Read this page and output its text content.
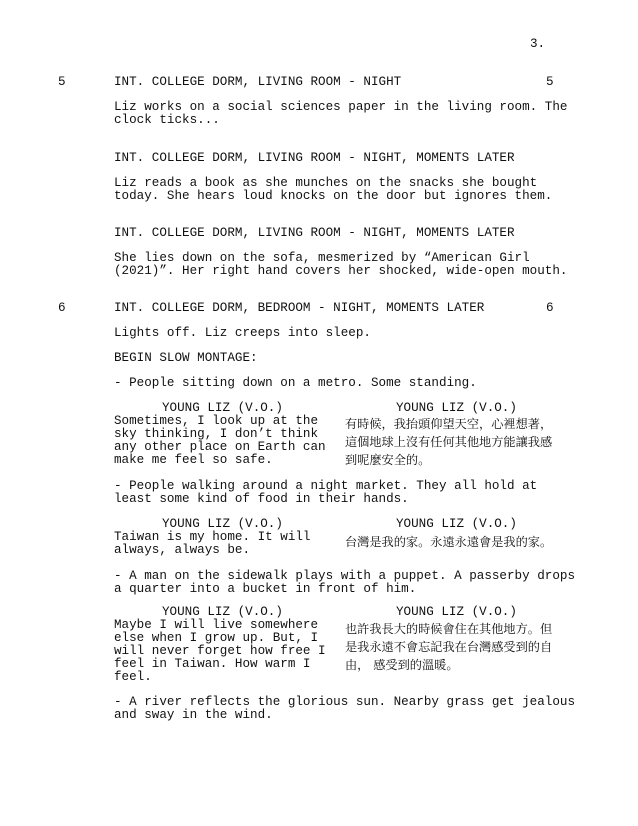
3.
5	5
INT. COLLEGE DORM, LIVING ROOM - NIGHT
Liz works on a social sciences paper in the living room. The
clock ticks...
INT. COLLEGE DORM, LIVING ROOM - NIGHT, MOMENTS LATER
Liz reads a book as she munches on the snacks she bought
today. She hears loud knocks on the door but ignores them.
INT. COLLEGE DORM, LIVING ROOM - NIGHT, MOMENTS LATER
She lies down on the sofa, mesmerized by “American Girl
(2021)”. Her right hand covers her shocked, wide-open mouth.
6	6
INT. COLLEGE DORM, BEDROOM - NIGHT, MOMENTS LATER
Lights off. Liz creeps into sleep.
BEGIN SLOW MONTAGE:
- People sitting down on a metro. Some standing.
YOUNG LIZ (V.O.)
Sometimes, I look up at the
sky thinking, I don’t think
any other place on Earth can
make me feel so safe.
YOUNG LIZ (V.O.)
有時候，我抬頭仰望天空，心裡想著，
這個地球上沒有任何其他地方能讓我感
到呢麼安全的。
- People walking around a night market. They all hold at
least some kind of food in their hands.
YOUNG LIZ (V.O.)
Taiwan is my home. It will
always, always be.
YOUNG LIZ (V.O.)
台灣是我的家。永遠永遠會是我的家。
- A man on the sidewalk plays with a puppet. A passerby drops
a quarter into a bucket in front of him.
YOUNG LIZ (V.O.)
Maybe I will live somewhere
else when I grow up. But, I
will never forget how free I
feel in Taiwan. How warm I
feel.
YOUNG LIZ (V.O.)
也許我長大的時候會住在其他地方。但
是我永遠不會忘記我在台灣感受到的自
由， 感受到的溫暖。
- A river reflects the glorious sun. Nearby grass get jealous
and sway in the wind.
